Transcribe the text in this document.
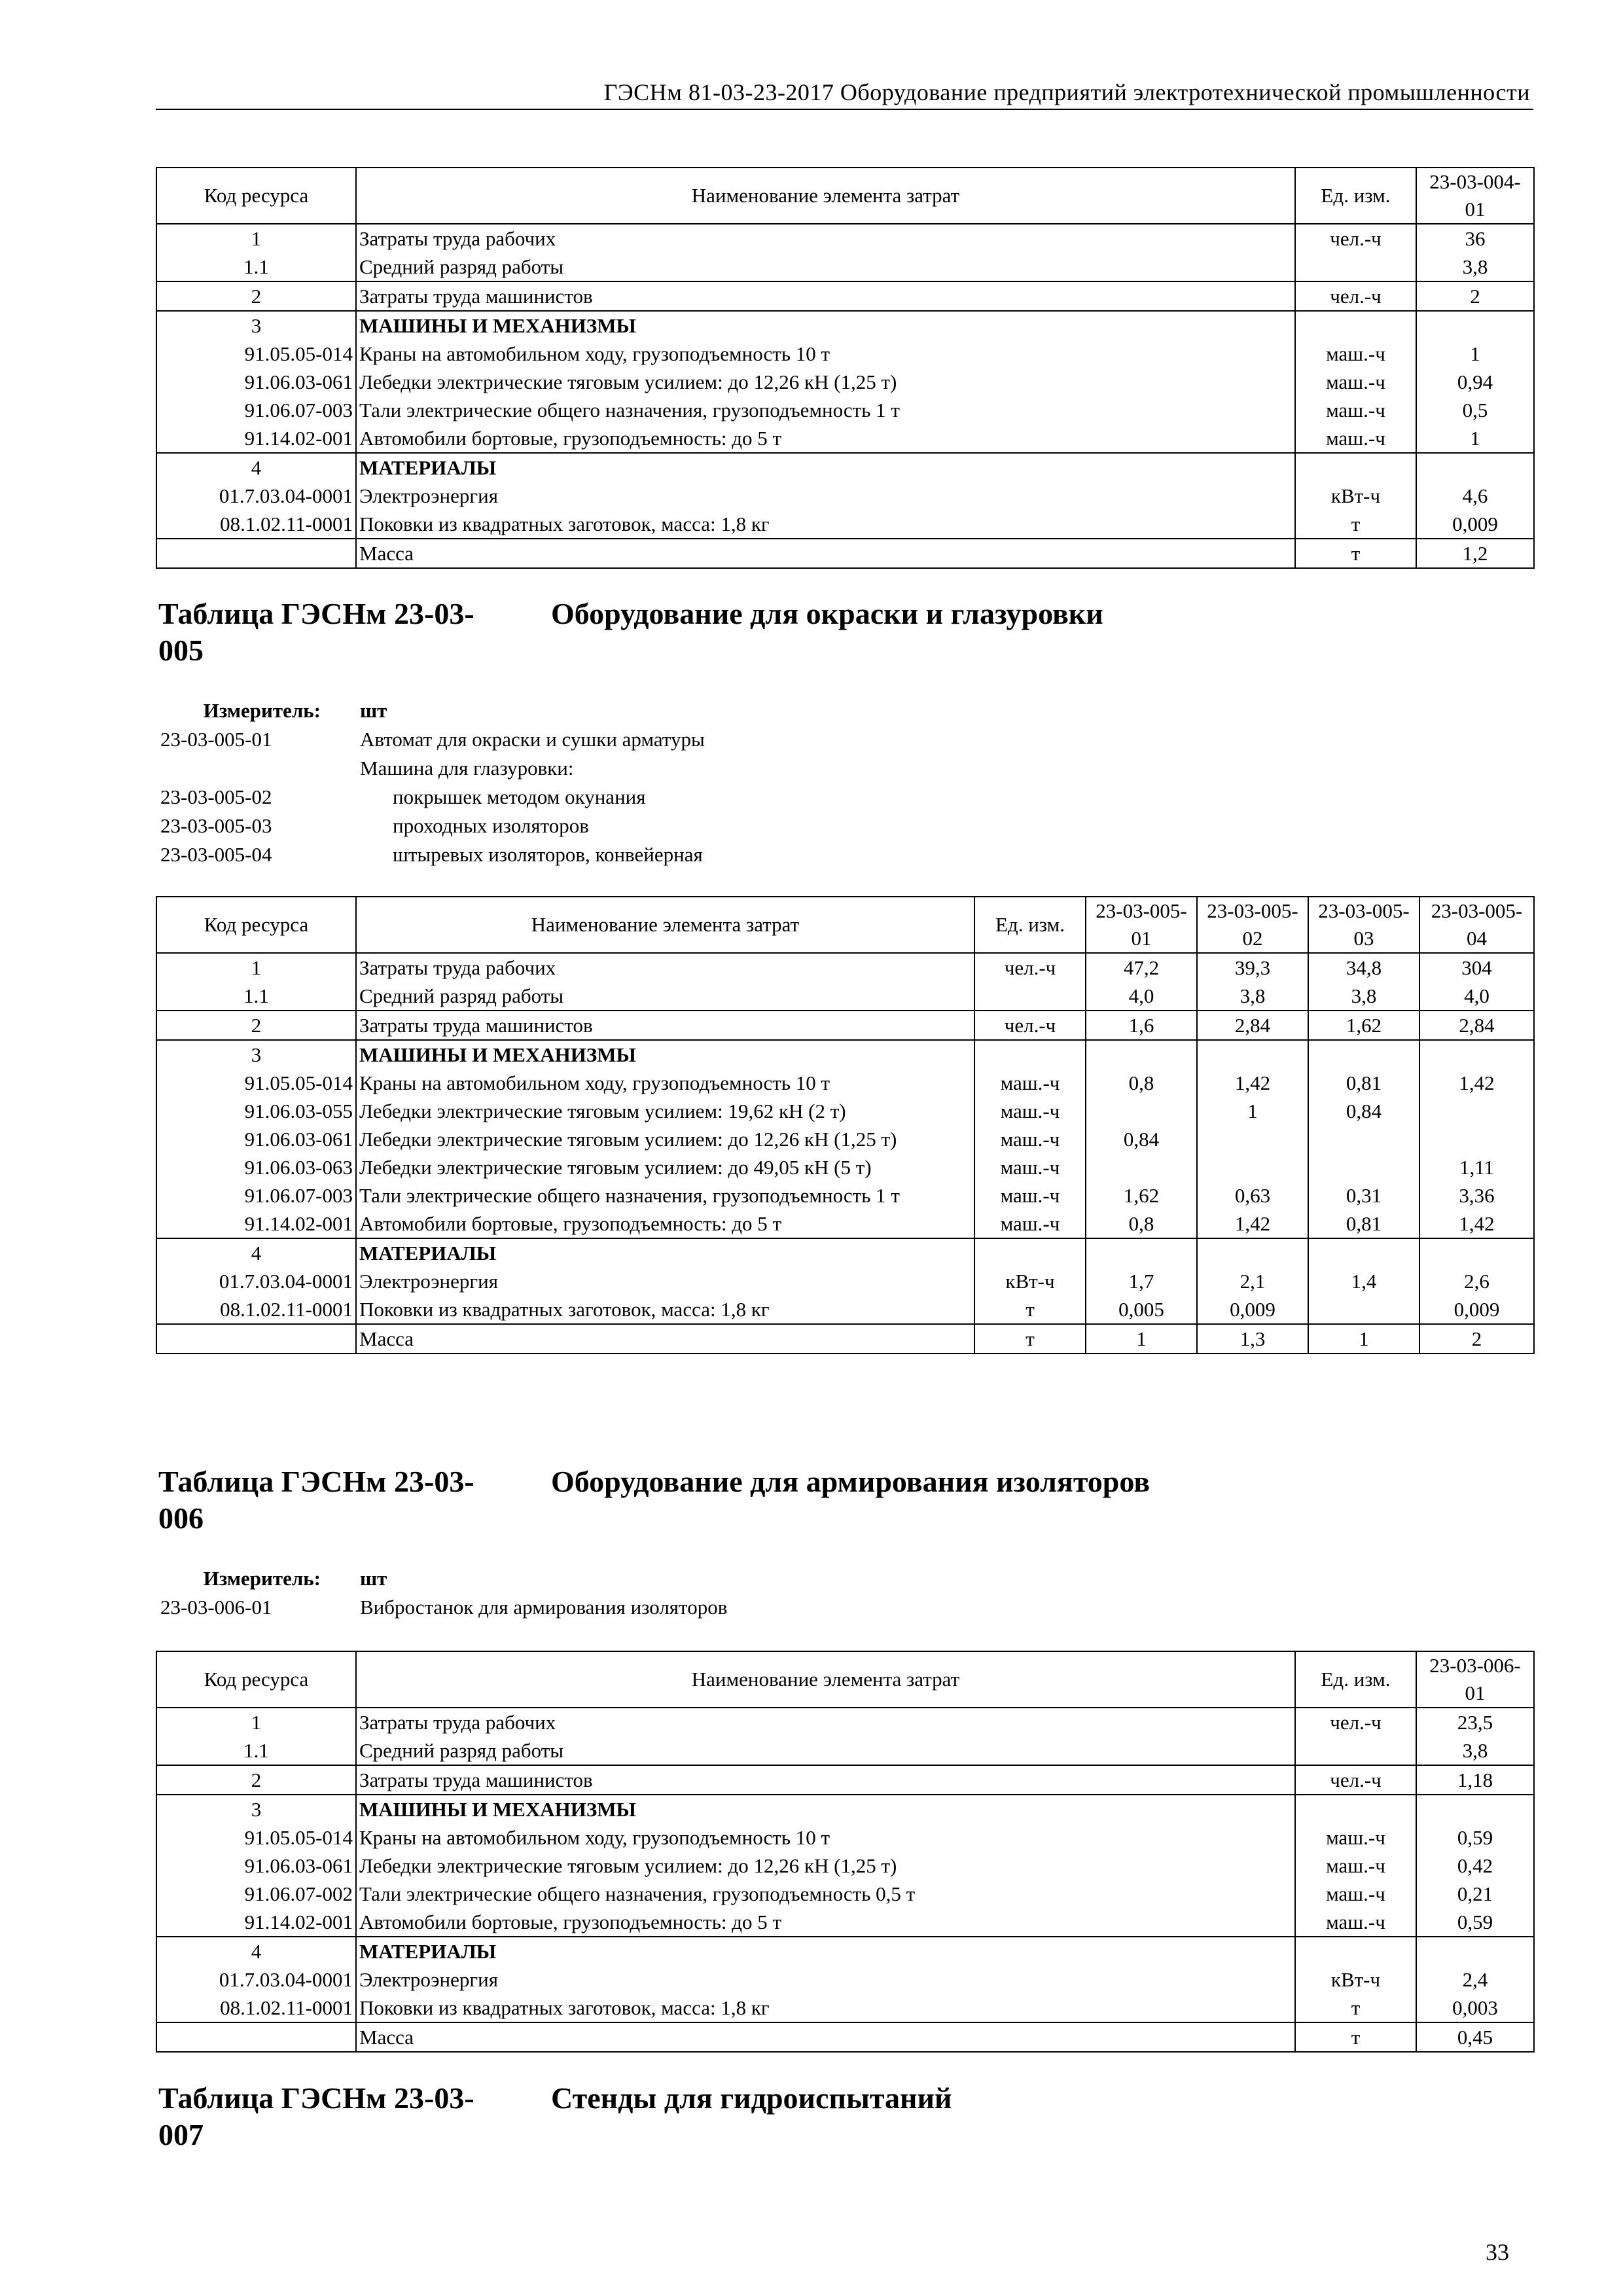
ГЭСНм 81-03-23-2017 Оборудование предприятий электротехнической промышленности
Код ресурса	Наименование элемента затрат	Ед. изм.	23-03-004-01
1	Затраты труда рабочих	чел.-ч	36
1.1	Средний разряд работы		3,8
2	Затраты труда машинистов	чел.-ч	2
3	МАШИНЫ И МЕХАНИЗМЫ		
91.05.05-014	Краны на автомобильном ходу, грузоподъемность 10 т	маш.-ч	1
91.06.03-061	Лебедки электрические тяговым усилием: до 12,26 кН (1,25 т)	маш.-ч	0,94
91.06.07-003	Тали электрические общего назначения, грузоподъемность 1 т	маш.-ч	0,5
91.14.02-001	Автомобили бортовые, грузоподъемность: до 5 т	маш.-ч	1
4	МАТЕРИАЛЫ		
01.7.03.04-0001	Электроэнергия	кВт-ч	4,6
08.1.02.11-0001	Поковки из квадратных заготовок, масса: 1,8 кг	т	0,009
	Масса	т	1,2
Таблица ГЭСНм 23-03-	Оборудование для окраски и глазуровки
005
Измеритель:	шт
23-03-005-01	Автомат для окраски и сушки арматуры
Машина для глазуровки:
23-03-005-02	покрышек методом окунания
23-03-005-03	проходных изоляторов
23-03-005-04	штыревых изоляторов, конвейерная
Код ресурса	Наименование элемента затрат	Ед. изм.	23-03-005-01	23-03-005-02	23-03-005-03	23-03-005-04
1	Затраты труда рабочих	чел.-ч	47,2	39,3	34,8	304
1.1	Средний разряд работы		4,0	3,8	3,8	4,0
2	Затраты труда машинистов	чел.-ч	1,6	2,84	1,62	2,84
3	МАШИНЫ И МЕХАНИЗМЫ					
91.05.05-014	Краны на автомобильном ходу, грузоподъемность 10 т	маш.-ч	0,8	1,42	0,81	1,42
91.06.03-055	Лебедки электрические тяговым усилием: 19,62 кН (2 т)	маш.-ч		1	0,84	
91.06.03-061	Лебедки электрические тяговым усилием: до 12,26 кН (1,25 т)	маш.-ч	0,84			
91.06.03-063	Лебедки электрические тяговым усилием: до 49,05 кН (5 т)	маш.-ч				1,11
91.06.07-003	Тали электрические общего назначения, грузоподъемность 1 т	маш.-ч	1,62	0,63	0,31	3,36
91.14.02-001	Автомобили бортовые, грузоподъемность: до 5 т	маш.-ч	0,8	1,42	0,81	1,42
4	МАТЕРИАЛЫ					
01.7.03.04-0001	Электроэнергия	кВт-ч	1,7	2,1	1,4	2,6
08.1.02.11-0001	Поковки из квадратных заготовок, масса: 1,8 кг	т	0,005	0,009		0,009
	Масса	т	1	1,3	1	2
Таблица ГЭСНм 23-03-	Оборудование для армирования изоляторов
006
Измеритель:	шт
23-03-006-01	Вибростанок для армирования изоляторов
Код ресурса	Наименование элемента затрат	Ед. изм.	23-03-006-01
1	Затраты труда рабочих	чел.-ч	23,5
1.1	Средний разряд работы		3,8
2	Затраты труда машинистов	чел.-ч	1,18
3	МАШИНЫ И МЕХАНИЗМЫ		
91.05.05-014	Краны на автомобильном ходу, грузоподъемность 10 т	маш.-ч	0,59
91.06.03-061	Лебедки электрические тяговым усилием: до 12,26 кН (1,25 т)	маш.-ч	0,42
91.06.07-002	Тали электрические общего назначения, грузоподъемность 0,5 т	маш.-ч	0,21
91.14.02-001	Автомобили бортовые, грузоподъемность: до 5 т	маш.-ч	0,59
4	МАТЕРИАЛЫ		
01.7.03.04-0001	Электроэнергия	кВт-ч	2,4
08.1.02.11-0001	Поковки из квадратных заготовок, масса: 1,8 кг	т	0,003
	Масса	т	0,45
Таблица ГЭСНм 23-03-	Стенды для гидроиспытаний
007
33
